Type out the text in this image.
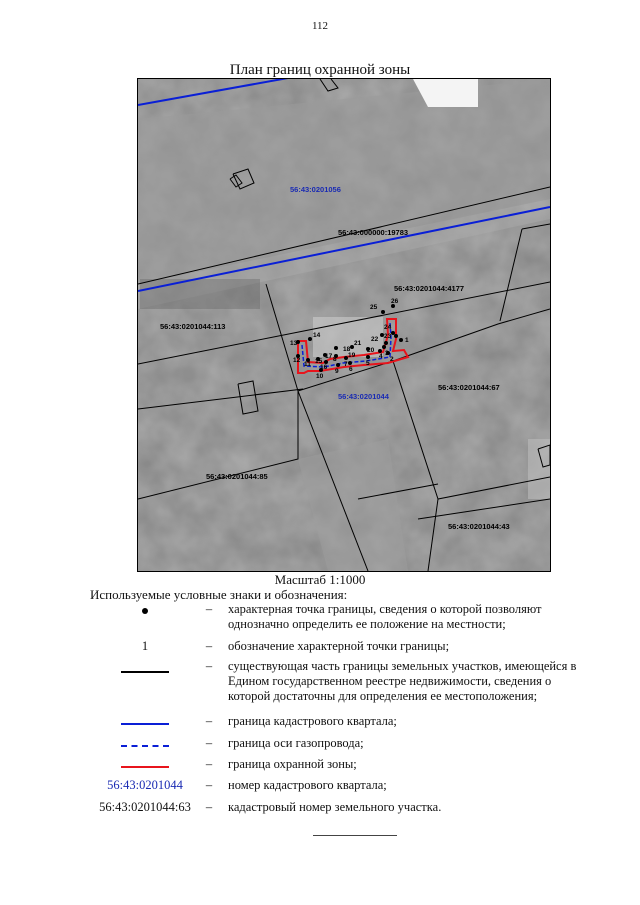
112
План границ охранной зоны
1
2
3
4
5
6
7
8
9
10
11
12
13
14
15
16
17
18
19
20
21
22 23
24
25
26
56:43:0201056
56:43:0201044
56:43:000000:19783
56:43:0201044:4177
56:43:0201044:113
56:43:0201044:67
56:43:0201044:85
56:43:0201044:43
Масштаб 1:1000
Используемые условные знаки и обозначения:
–	характерная точка границы, сведения о которой позволяют однозначно определить ее положение на местности;
1	–	обозначение характерной точки границы;
–	существующая часть границы земельных участков, имеющейся в Едином государственном реестре недвижимости, сведения о которой достаточны для определения ее местоположения;
–	граница кадастрового квартала;
–	граница оси газопровода;
–	граница охранной зоны;
56:43:0201044	–	номер кадастрового квартала;
56:43:0201044:63	–	кадастровый номер земельного участка.
